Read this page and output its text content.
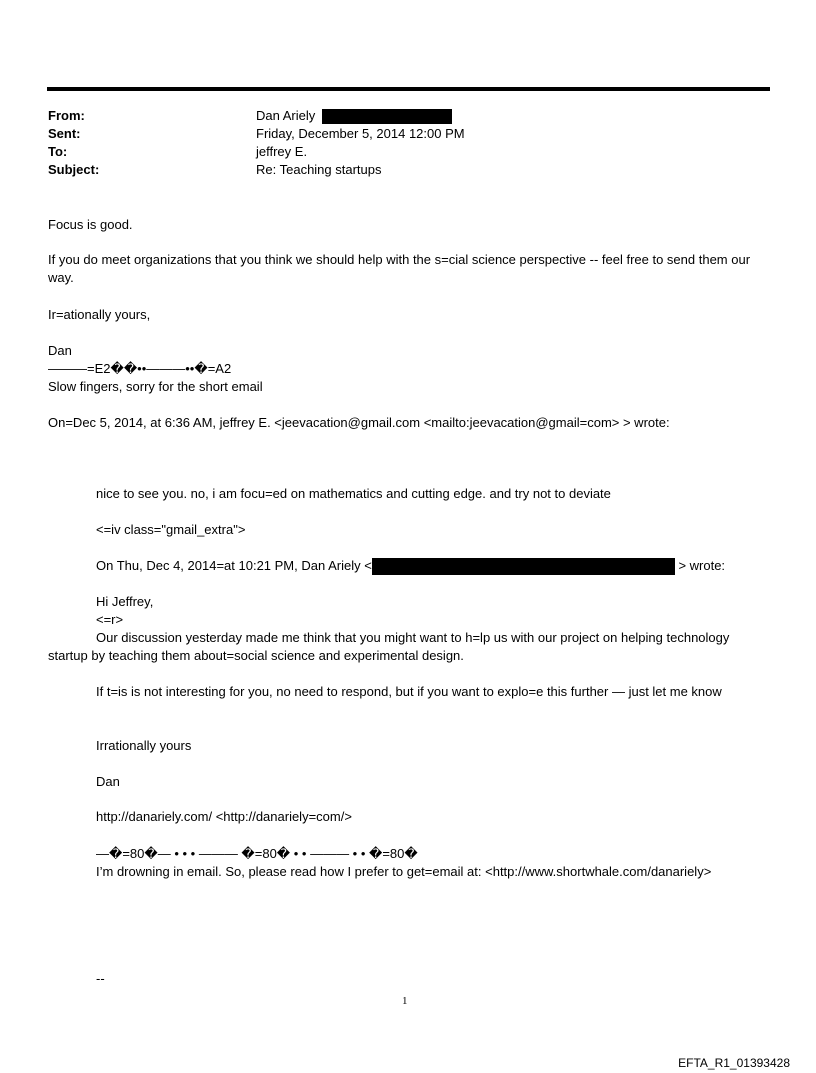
From:	Dan Ariely
Sent:	Friday, December 5, 2014 12:00 PM
To:	jeffrey E.
Subject:	Re: Teaching startups
Focus is good.
If you do meet organizations that you think we should help with the s=cial science perspective -- feel free to send them our way.
Ir=ationally yours,
Dan
———=E2��••———••�=A2
Slow fingers, sorry for the short email
On=Dec 5, 2014, at 6:36 AM, jeffrey E. <jeevacation@gmail.com <mailto:jeevacation@gmail=com> > wrote:
nice to see you. no, i am focu=ed on mathematics and cutting edge. and try not to deviate
<=iv class="gmail_extra">
On Thu, Dec 4, 2014=at 10:21 PM, Dan Ariely <	> wrote:
Hi Jeffrey,
<=r>
Our discussion yesterday made me think that you might want to h=lp us with our project on helping technology startup by teaching them about=social science and experimental design.
If t=is is not interesting for you, no need to respond, but if you want to explo=e this further — just let me know
Irrationally yours
Dan
http://danariely.com/ <http://danariely=com/>
—�=80�— • • • ——— �=80� • • ——— • • �=80�
I’m drowning in email. So, please read how I prefer to get=email at: <http://www.shortwhale.com/danariely>
--
1
EFTA_R1_01393428
